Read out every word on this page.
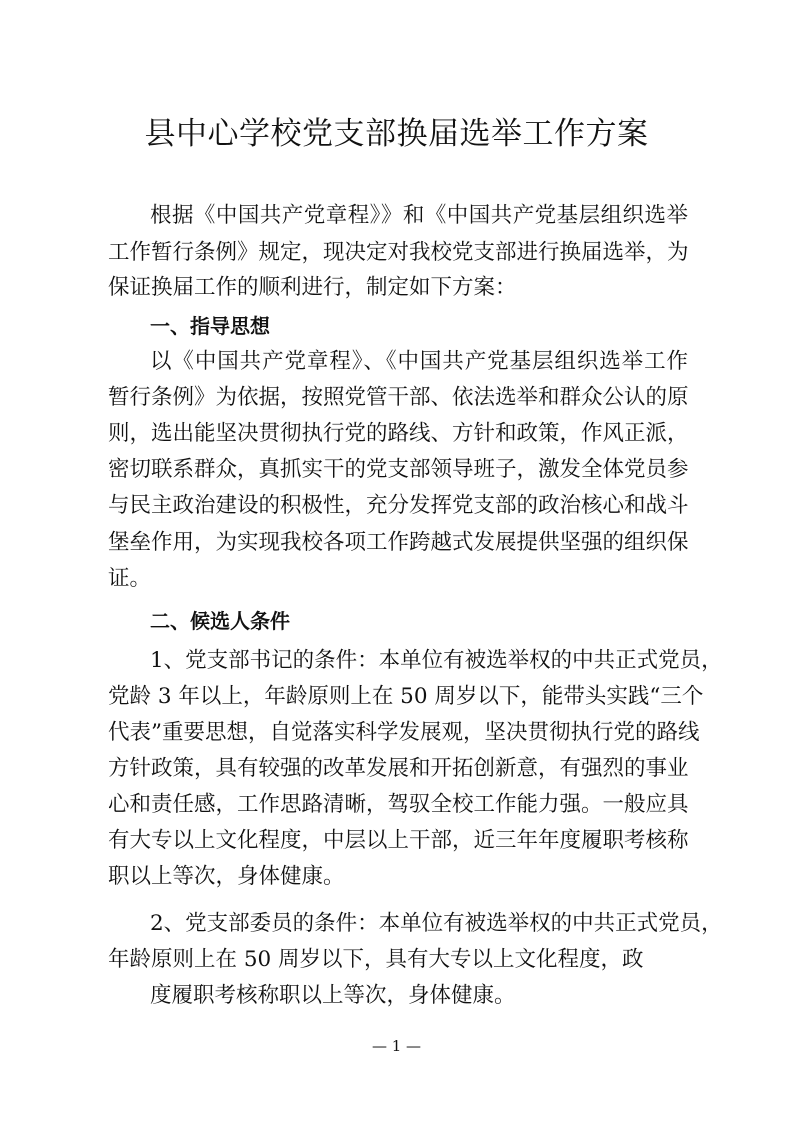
县中心学校党支部换届选举工作方案
根据《中国共产党章程》》和《中国共产党基层组织选举
工作暂行条例》规定，现决定对我校党支部进行换届选举，为
保证换届工作的顺利进行，制定如下方案：
一、指导思想
以《中国共产党章程》、《中国共产党基层组织选举工作
暂行条例》为依据，按照党管干部、依法选举和群众公认的原
则，选出能坚决贯彻执行党的路线、方针和政策，作风正派，
密切联系群众，真抓实干的党支部领导班子，激发全体党员参
与民主政治建设的积极性，充分发挥党支部的政治核心和战斗
堡垒作用，为实现我校各项工作跨越式发展提供坚强的组织保
证。
二、候选人条件
1、党支部书记的条件：本单位有被选举权的中共正式党员，
党龄 3 年以上，年龄原则上在 50 周岁以下，能带头实践“三个
代表”重要思想，自觉落实科学发展观，坚决贯彻执行党的路线
方针政策，具有较强的改革发展和开拓创新意，有强烈的事业
心和责任感，工作思路清晰，驾驭全校工作能力强。一般应具
有大专以上文化程度，中层以上干部，近三年年度履职考核称
职以上等次，身体健康。
2、党支部委员的条件：本单位有被选举权的中共正式党员，
年龄原则上在 50 周岁以下，具有大专以上文化程度，政
度履职考核称职以上等次，身体健康。
— 1 —
